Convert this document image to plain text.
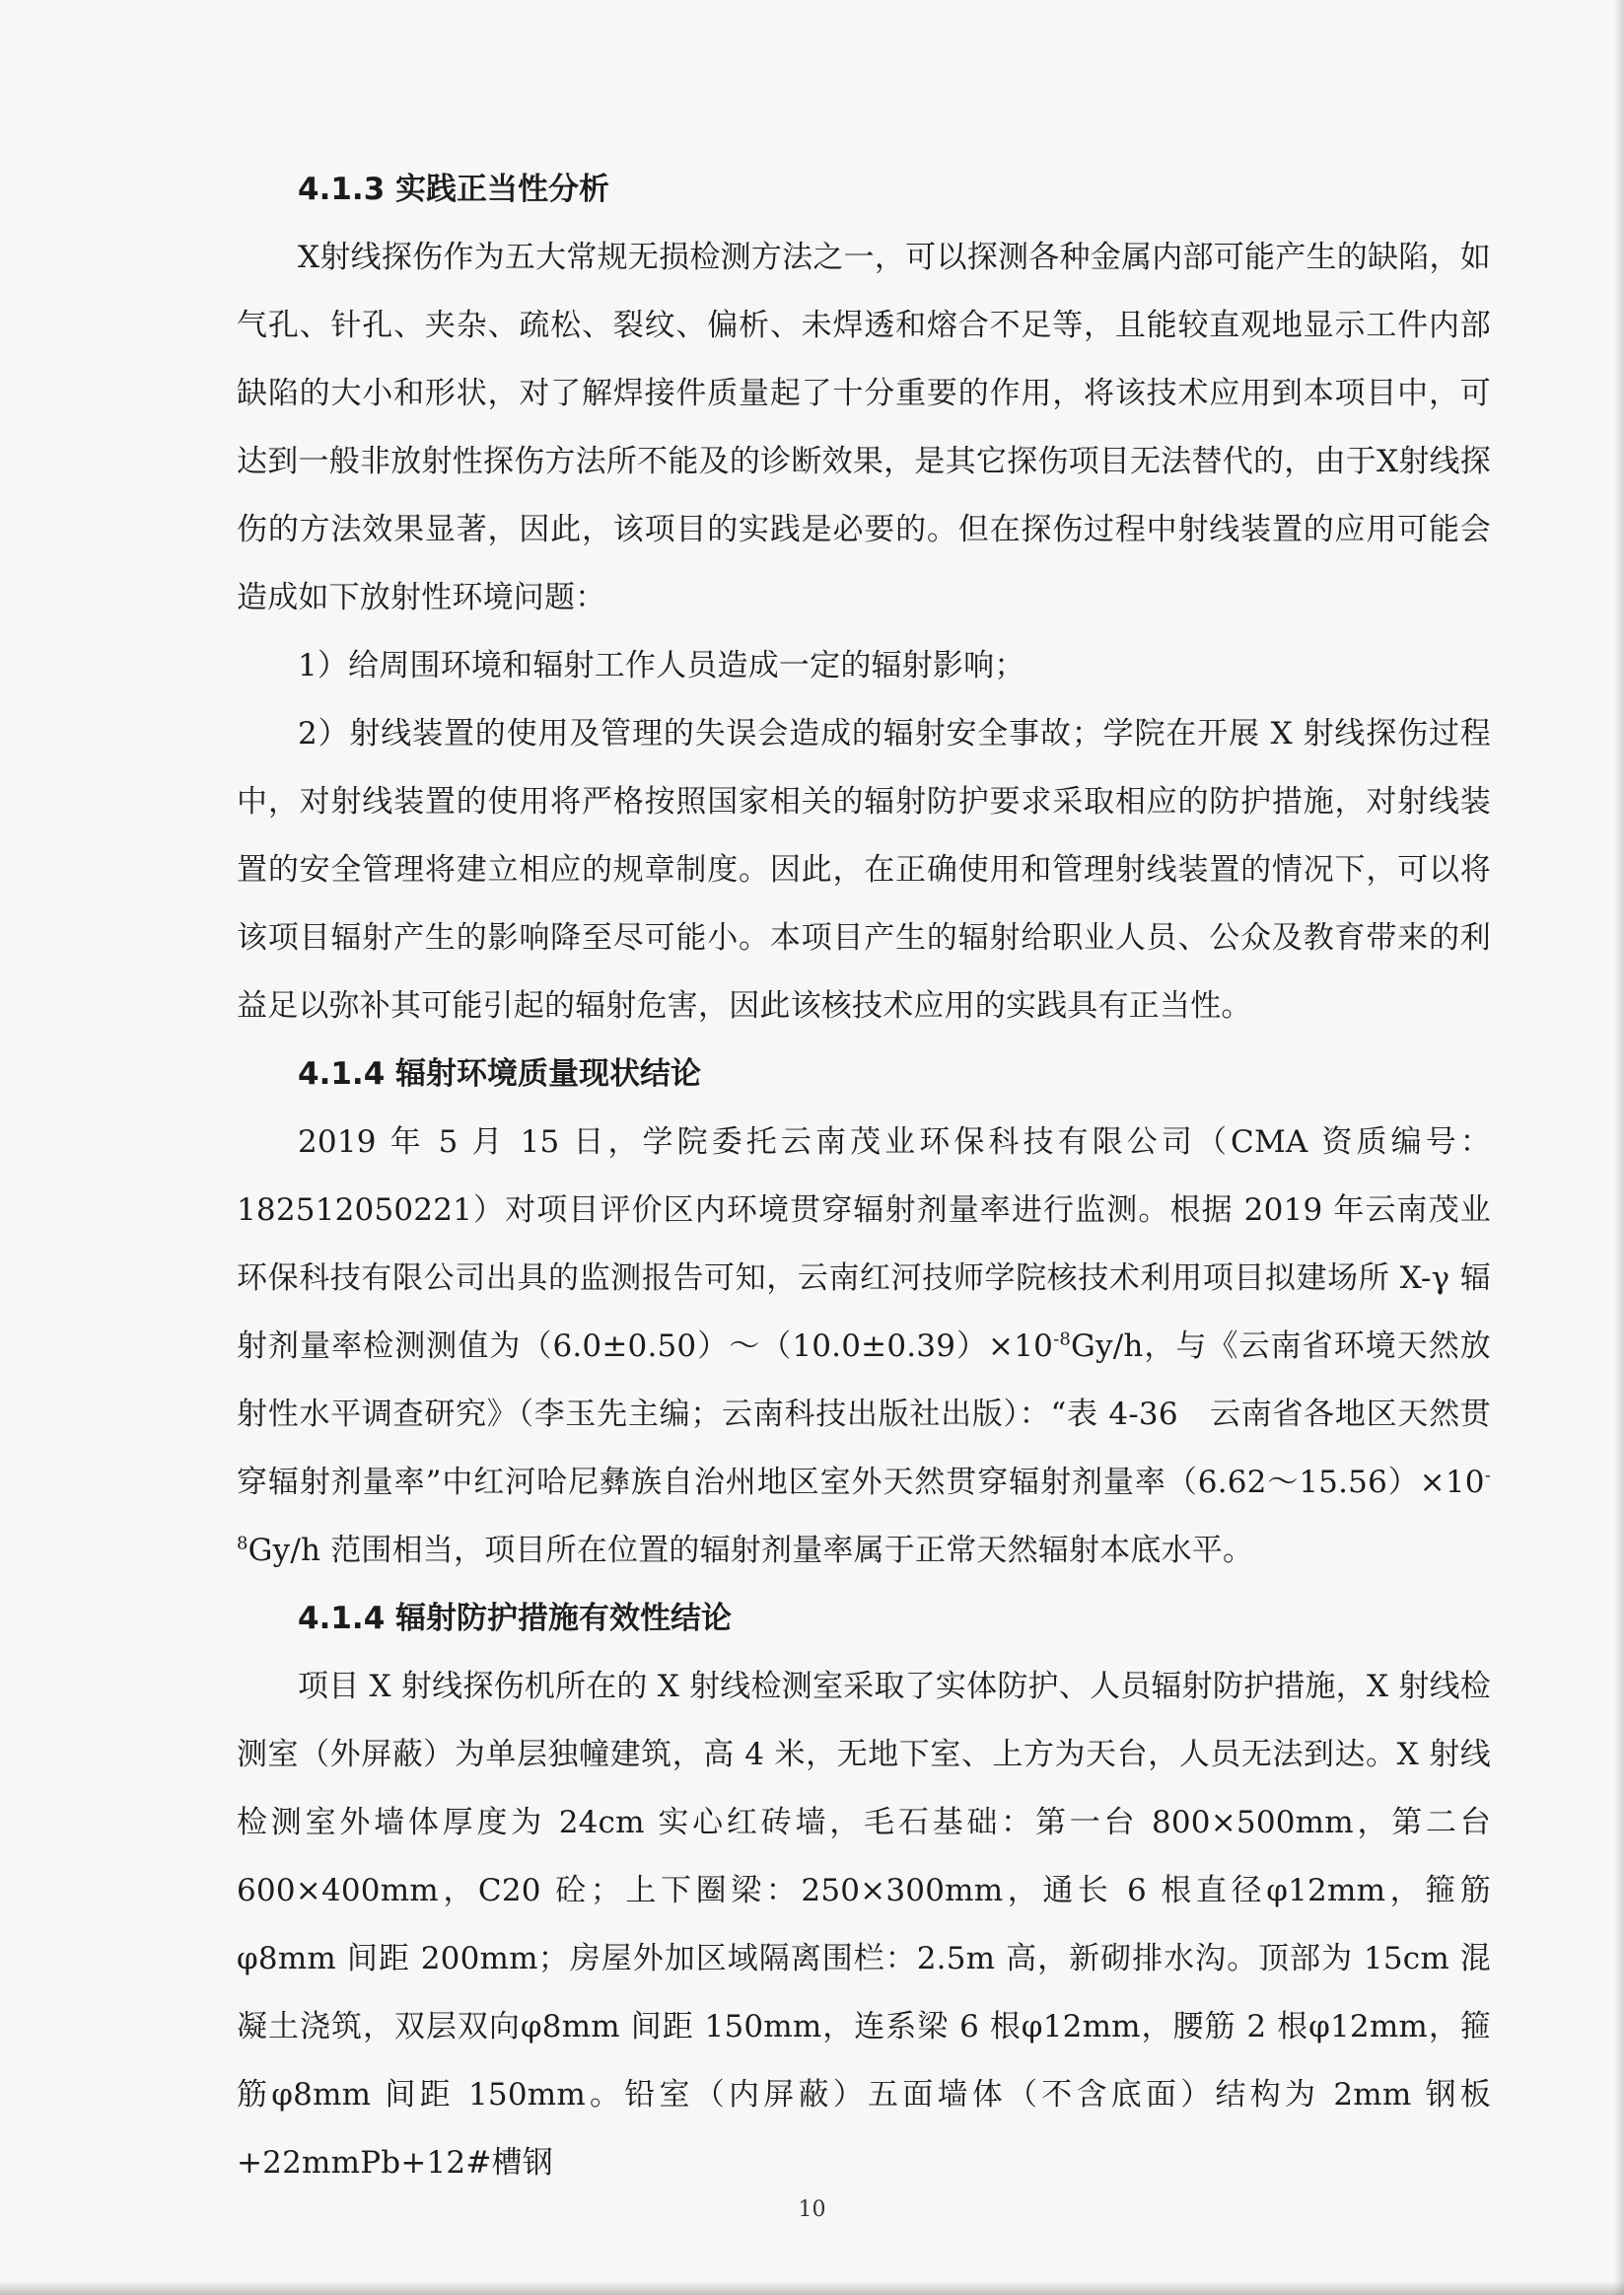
4.1.3 实践正当性分析

X射线探伤作为五大常规无损检测方法之一，可以探测各种金属内部可能产生的缺陷，如气孔、针孔、夹杂、疏松、裂纹、偏析、未焊透和熔合不足等，且能较直观地显示工件内部缺陷的大小和形状，对了解焊接件质量起了十分重要的作用，将该技术应用到本项目中，可达到一般非放射性探伤方法所不能及的诊断效果，是其它探伤项目无法替代的，由于X射线探伤的方法效果显著，因此，该项目的实践是必要的。但在探伤过程中射线装置的应用可能会造成如下放射性环境问题：

1）给周围环境和辐射工作人员造成一定的辐射影响；

2）射线装置的使用及管理的失误会造成的辐射安全事故；学院在开展 X 射线探伤过程中，对射线装置的使用将严格按照国家相关的辐射防护要求采取相应的防护措施，对射线装置的安全管理将建立相应的规章制度。因此，在正确使用和管理射线装置的情况下，可以将该项目辐射产生的影响降至尽可能小。本项目产生的辐射给职业人员、公众及教育带来的利益足以弥补其可能引起的辐射危害，因此该核技术应用的实践具有正当性。

4.1.4 辐射环境质量现状结论

2019 年 5 月 15 日，学院委托云南茂业环保科技有限公司（CMA 资质编号：182512050221）对项目评价区内环境贯穿辐射剂量率进行监测。根据 2019 年云南茂业环保科技有限公司出具的监测报告可知，云南红河技师学院核技术利用项目拟建场所 X-γ 辐射剂量率检测测值为$(6.0\pm 0.50)\sim(10.0\pm 0.39)\times 10^{-8}Gy/h$，与《云南省环境天然放射性水平调查研究》（李玉先主编；云南科技出版社出版）：“表 4-36　云南省各地区天然贯穿辐射剂量率”中红河哈尼彝族自治州地区室外天然贯穿辐射剂量率$(6.62\sim 15.56)\times 10^{-8}Gy/h$ 范围相当，项目所在位置的辐射剂量率属于正常天然辐射本底水平。

4.1.4 辐射防护措施有效性结论

项目 X 射线探伤机所在的 X 射线检测室采取了实体防护、人员辐射防护措施，X 射线检测室（外屏蔽）为单层独幢建筑，高 4 米，无地下室、上方为天台，人员无法到达。X 射线检测室外墙体厚度为 24cm 实心红砖墙，毛石基础：第一台 800×500mm，第二台 600×400mm，C20 砼；上下圈梁：250×300mm，通长 6 根直径φ12mm，箍筋φ8mm 间距 200mm；房屋外加区域隔离围栏：2.5m 高，新砌排水沟。顶部为 15cm 混凝土浇筑，双层双向φ8mm 间距 150mm，连系梁 6 根φ12mm，腰筋 2 根φ12mm，箍筋φ8mm 间距 150mm。铅室（内屏蔽）五面墙体（不含底面）结构为 2mm 钢板+22mmPb+12#槽钢

10
